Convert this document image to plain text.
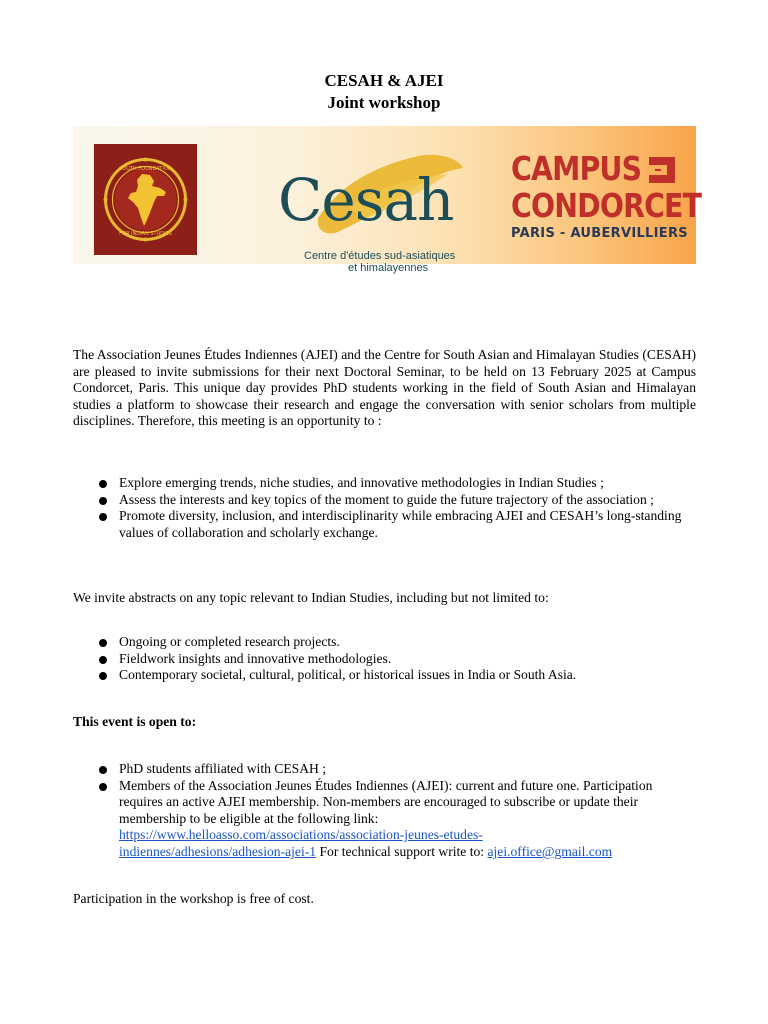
CESAH & AJEI
Joint workshop
YOUTH FOUNDATION
FOR INDIAN STUDIES Cesah
Centre d'études sud-asiatiques
et himalayennes
CAMPUS
CONDORCET
PARIS - AUBERVILLIERS

The Association Jeunes Études Indiennes (AJEI) and the Centre for South Asian and Himalayan Studies (CESAH) are pleased to invite submissions for their next Doctoral Seminar, to be held on 13 February 2025 at Campus Condorcet, Paris. This unique day provides PhD students working in the field of South Asian and Himalayan studies a platform to showcase their research and engage the conversation with senior scholars from multiple disciplines. Therefore, this meeting is an opportunity to :

Explore emerging trends, niche studies, and innovative methodologies in Indian Studies ;
Assess the interests and key topics of the moment to guide the future trajectory of the association ;
Promote diversity, inclusion, and interdisciplinarity while embracing AJEI and CESAH’s long-standing values of collaboration and scholarly exchange.

We invite abstracts on any topic relevant to Indian Studies, including but not limited to:

Ongoing or completed research projects.
Fieldwork insights and innovative methodologies.
Contemporary societal, cultural, political, or historical issues in India or South Asia.

This event is open to:

PhD students affiliated with CESAH ;
Members of the Association Jeunes Études Indiennes (AJEI): current and future one. Participation requires an active AJEI membership. Non-members are encouraged to subscribe or update their membership to be eligible at the following link:
https://www.helloasso.com/associations/association-jeunes-etudes-
indiennes/adhesions/adhesion-ajei-1 For technical support write to: ajei.office@gmail.com

Participation in the workshop is free of cost.
